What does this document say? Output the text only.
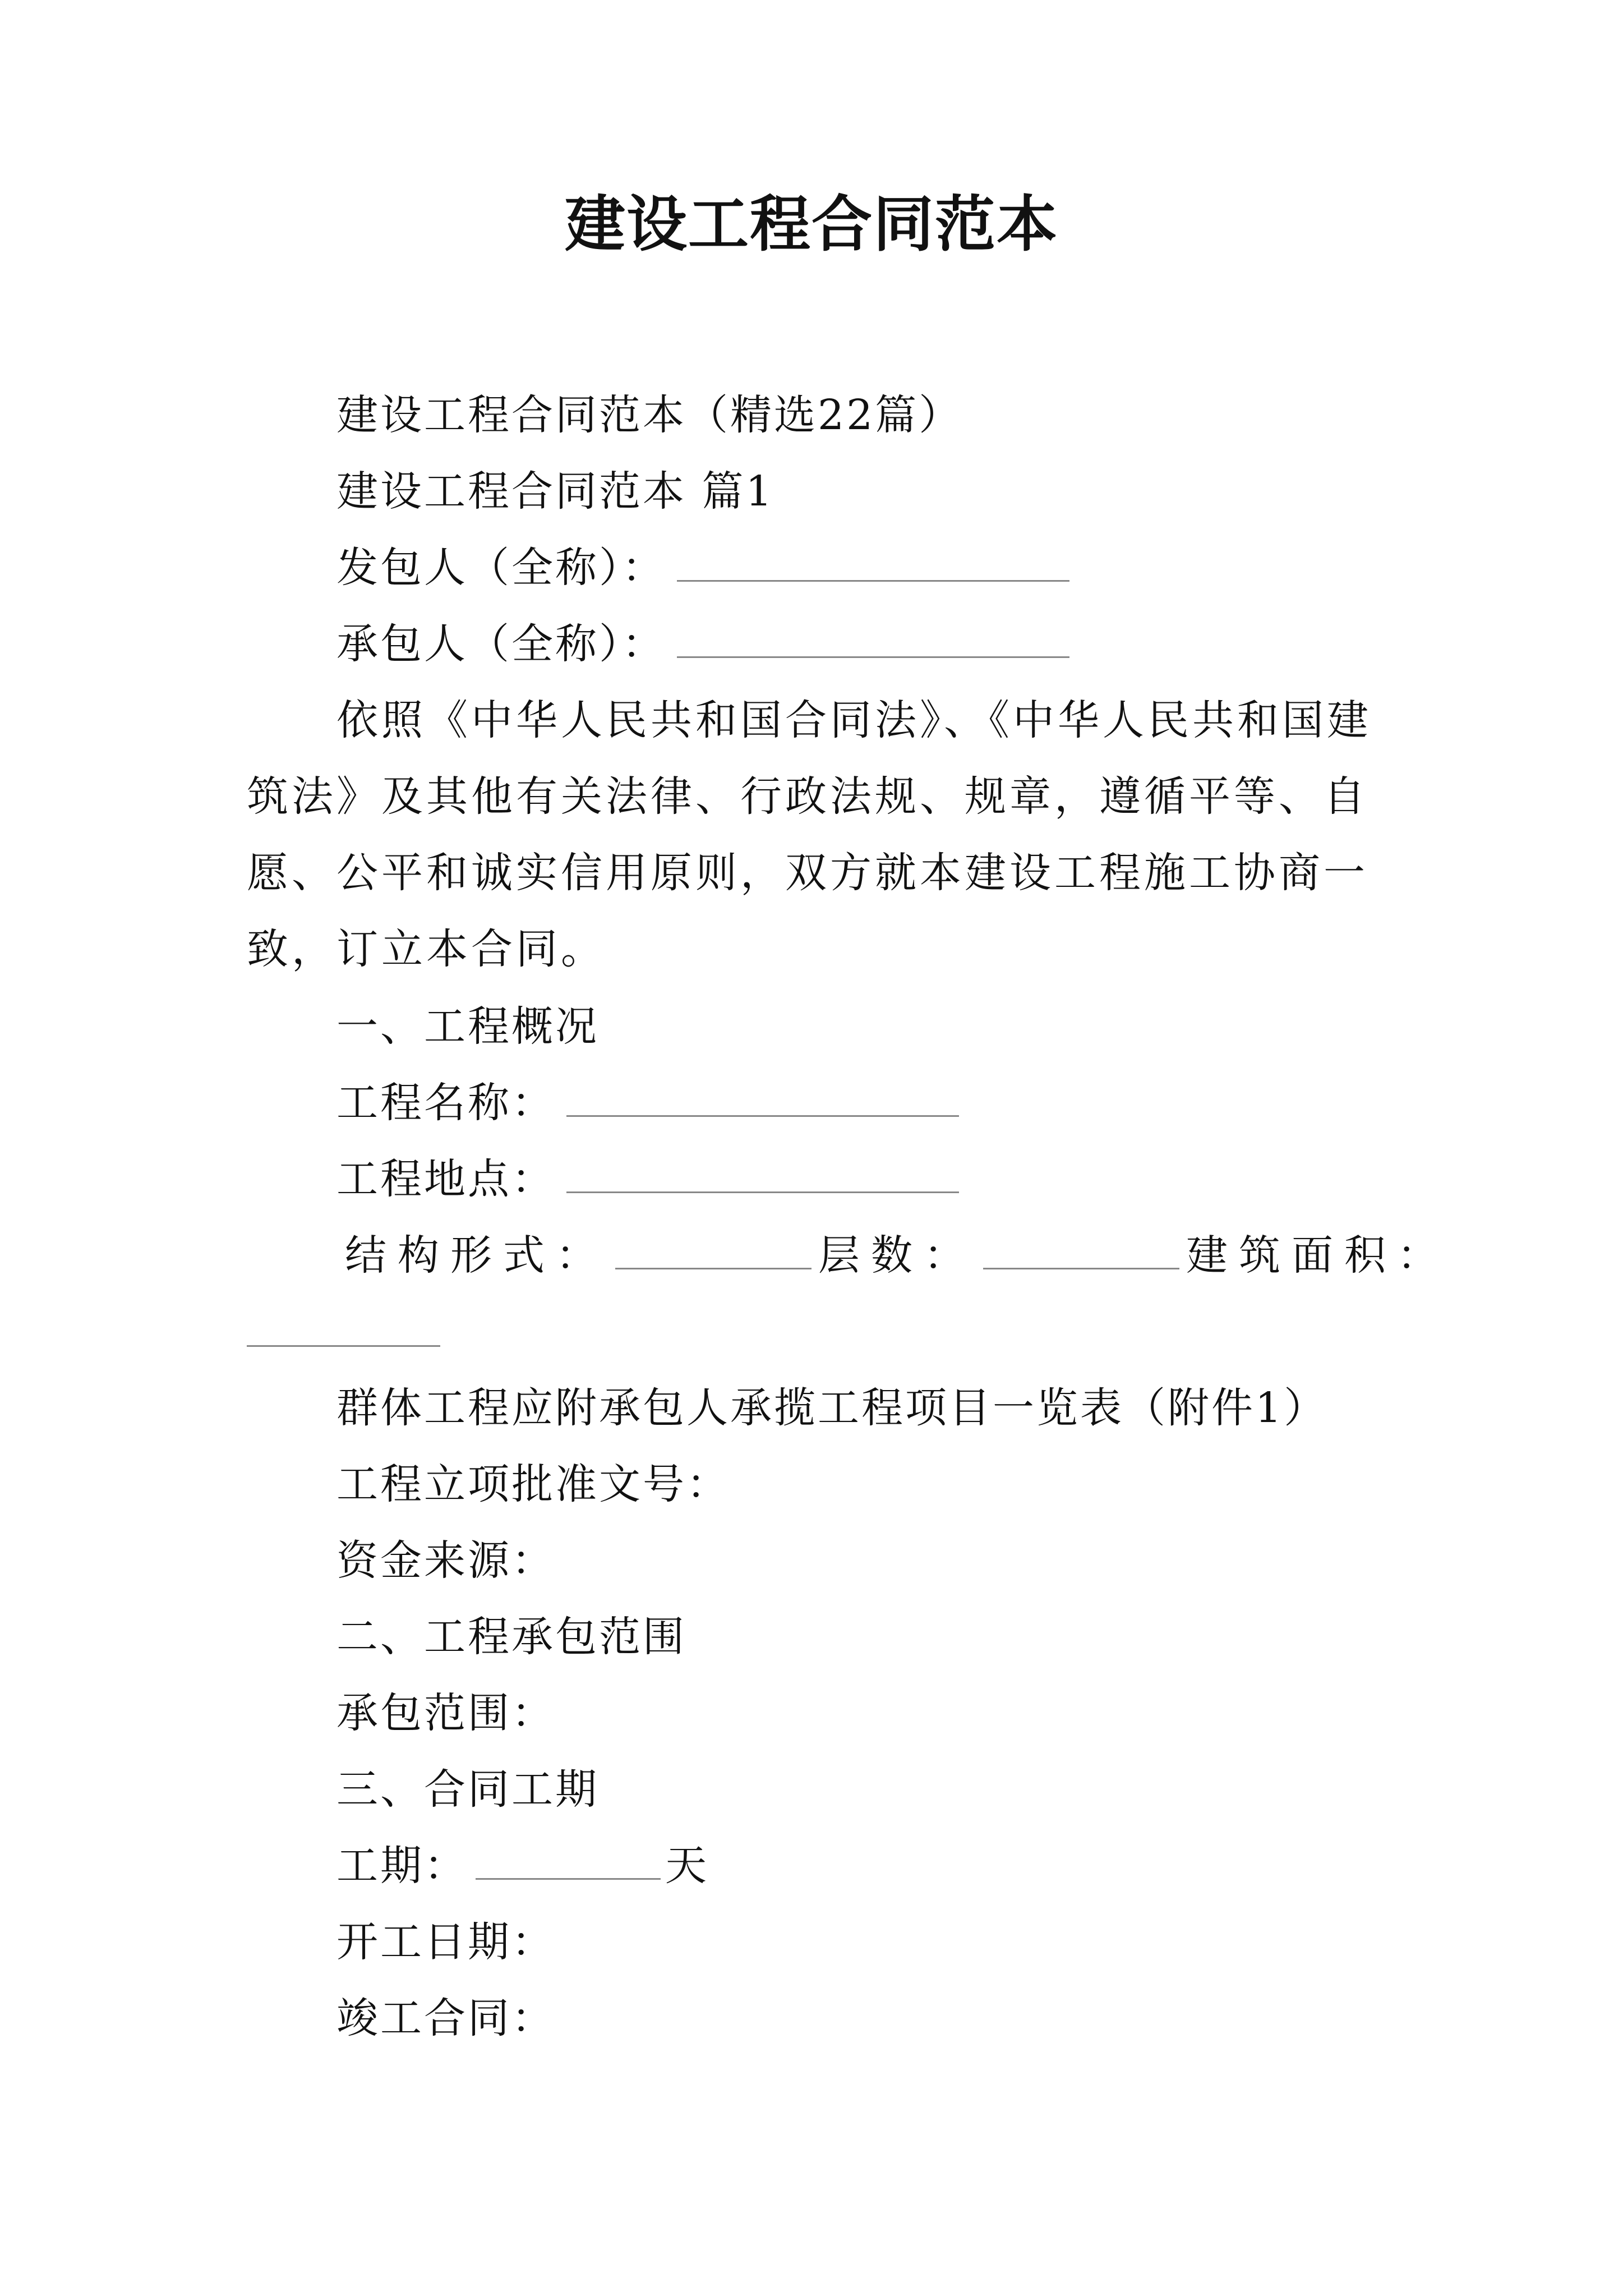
建设工程合同范本
建设工程合同范本（精选22篇）
建设工程合同范本 篇1
发包人（全称）：
承包人（全称）：
依照《中华人民共和国合同法》、《中华人民共和国建筑法》及其他有关法律、行政法规、规章，遵循平等、自愿、公平和诚实信用原则，双方就本建设工程施工协商一致，订立本合同。
一、工程概况
工程名称：
工程地点：
结构形式：	层数：	建筑面积：
群体工程应附承包人承揽工程项目一览表（附件1）
工程立项批准文号：
资金来源：
二、工程承包范围
承包范围：
三、合同工期
工期：	天
开工日期：
竣工合同：
